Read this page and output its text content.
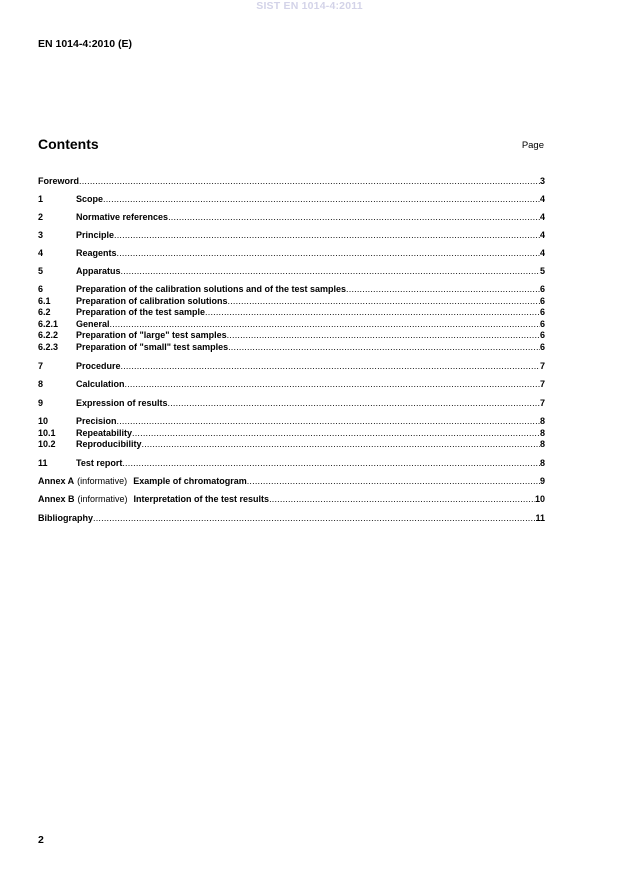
SIST EN 1014-4:2011
EN 1014-4:2010 (E)
Contents	Page
Foreword .....	3
1	Scope .....	4
2	Normative references .....	4
3	Principle .....	4
4	Reagents .....	4
5	Apparatus .....	5
6	Preparation of the calibration solutions and of the test samples .....	6
6.1	Preparation of calibration solutions .....	6
6.2	Preparation of the test sample .....	6
6.2.1	General .....	6
6.2.2	Preparation of "large" test samples .....	6
6.2.3	Preparation of "small" test samples .....	6
7	Procedure .....	7
8	Calculation .....	7
9	Expression of results .....	7
10	Precision .....	8
10.1	Repeatability .....	8
10.2	Reproducibility .....	8
11	Test report .....	8
Annex A (informative) Example of chromatogram .....	9
Annex B (informative) Interpretation of the test results .....	10
Bibliography .....	11
2
